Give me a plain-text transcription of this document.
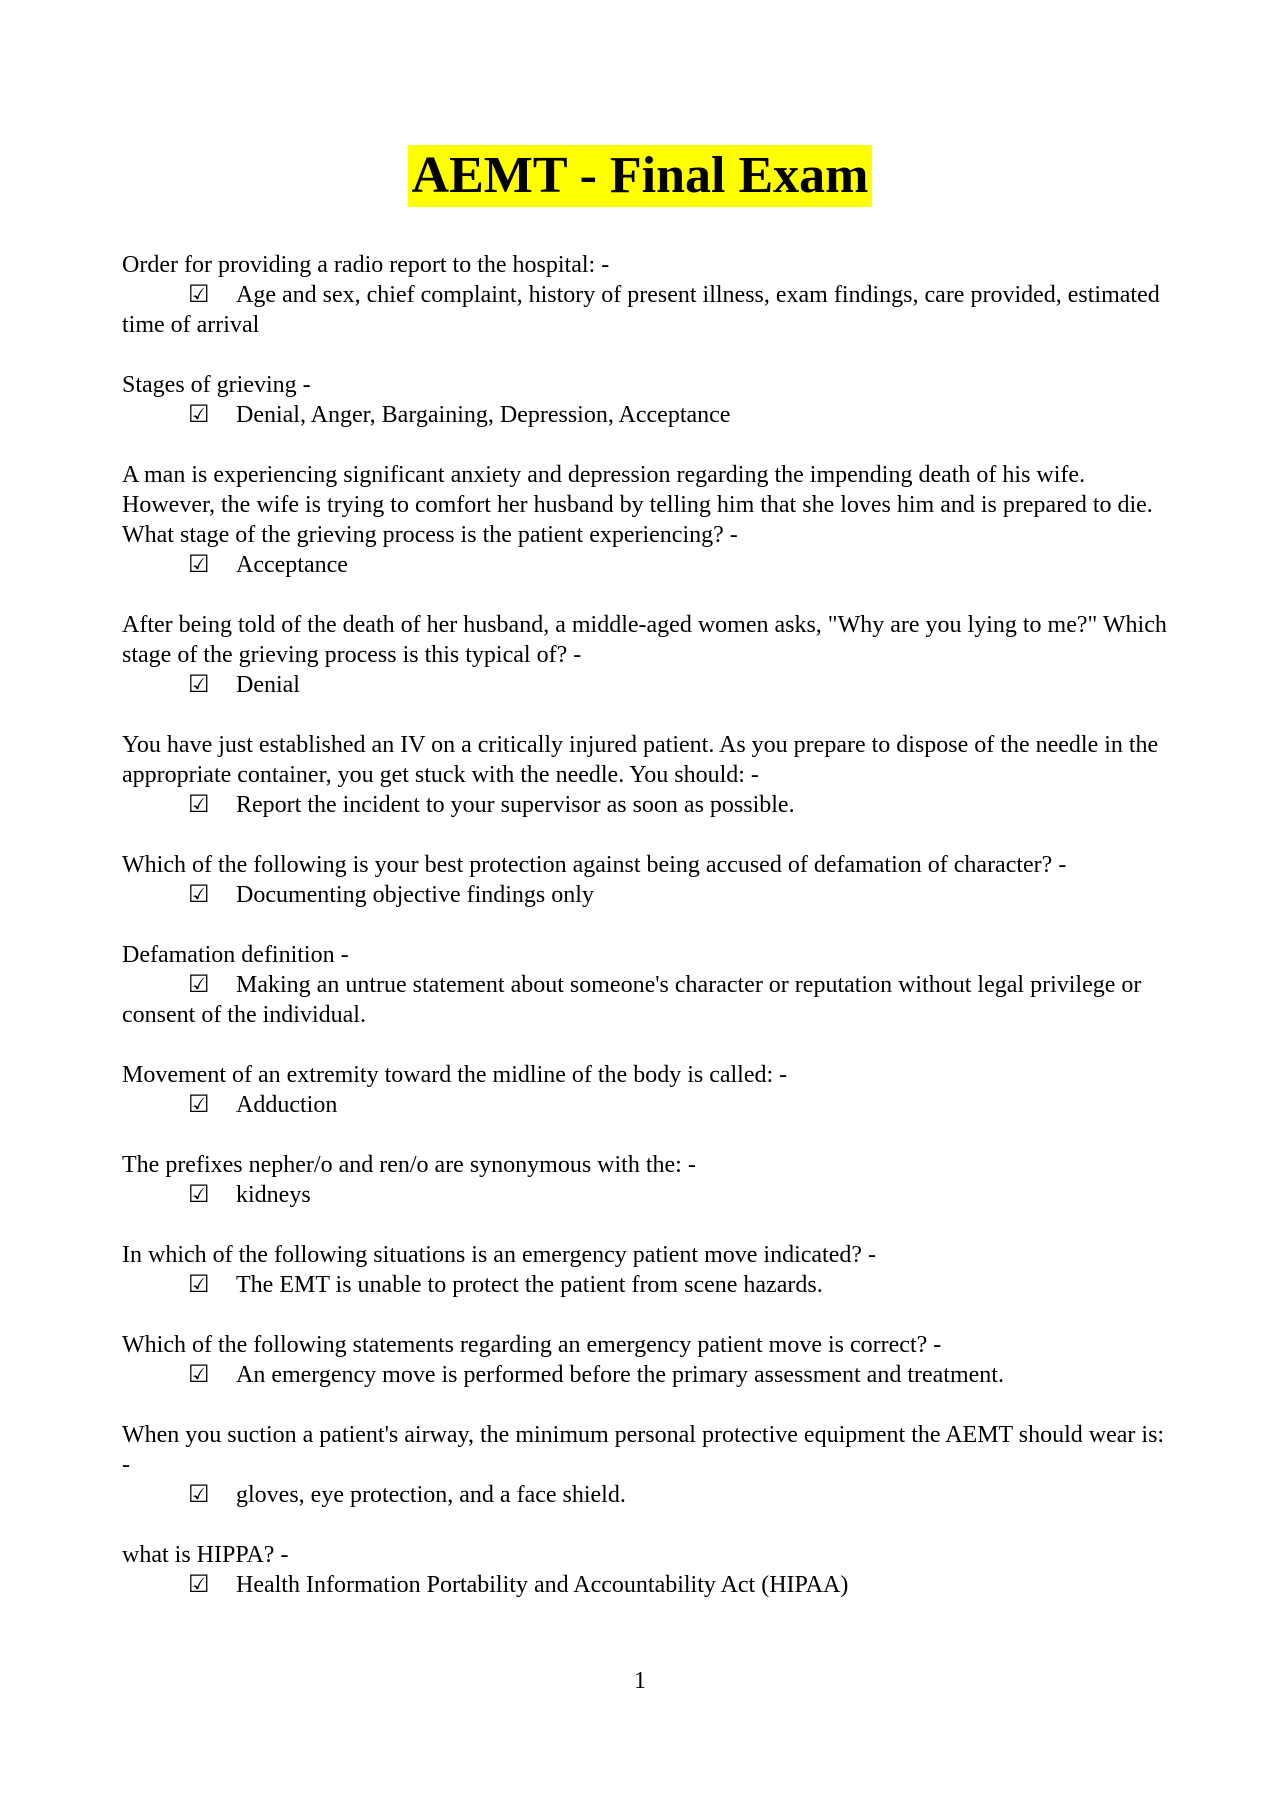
AEMT - Final Exam

Order for providing a radio report to the hospital: -

☑ Age and sex, chief complaint, history of present illness, exam findings, care provided, estimated time of arrival

Stages of grieving -

☑ Denial, Anger, Bargaining, Depression, Acceptance

A man is experiencing significant anxiety and depression regarding the impending death of his wife. However, the wife is trying to comfort her husband by telling him that she loves him and is prepared to die. What stage of the grieving process is the patient experiencing? -

☑ Acceptance

After being told of the death of her husband, a middle-aged women asks, "Why are you lying to me?" Which stage of the grieving process is this typical of? -

☑ Denial

You have just established an IV on a critically injured patient. As you prepare to dispose of the needle in the appropriate container, you get stuck with the needle. You should: -

☑ Report the incident to your supervisor as soon as possible.

Which of the following is your best protection against being accused of defamation of character? -

☑ Documenting objective findings only

Defamation definition -

☑ Making an untrue statement about someone's character or reputation without legal privilege or consent of the individual.

Movement of an extremity toward the midline of the body is called: -

☑ Adduction

The prefixes nepher/o and ren/o are synonymous with the: -

☑ kidneys

In which of the following situations is an emergency patient move indicated? -

☑ The EMT is unable to protect the patient from scene hazards.

Which of the following statements regarding an emergency patient move is correct? -

☑ An emergency move is performed before the primary assessment and treatment.

When you suction a patient's airway, the minimum personal protective equipment the AEMT should wear is: -

☑ gloves, eye protection, and a face shield.

what is HIPPA? -

☑ Health Information Portability and Accountability Act (HIPAA)

1
